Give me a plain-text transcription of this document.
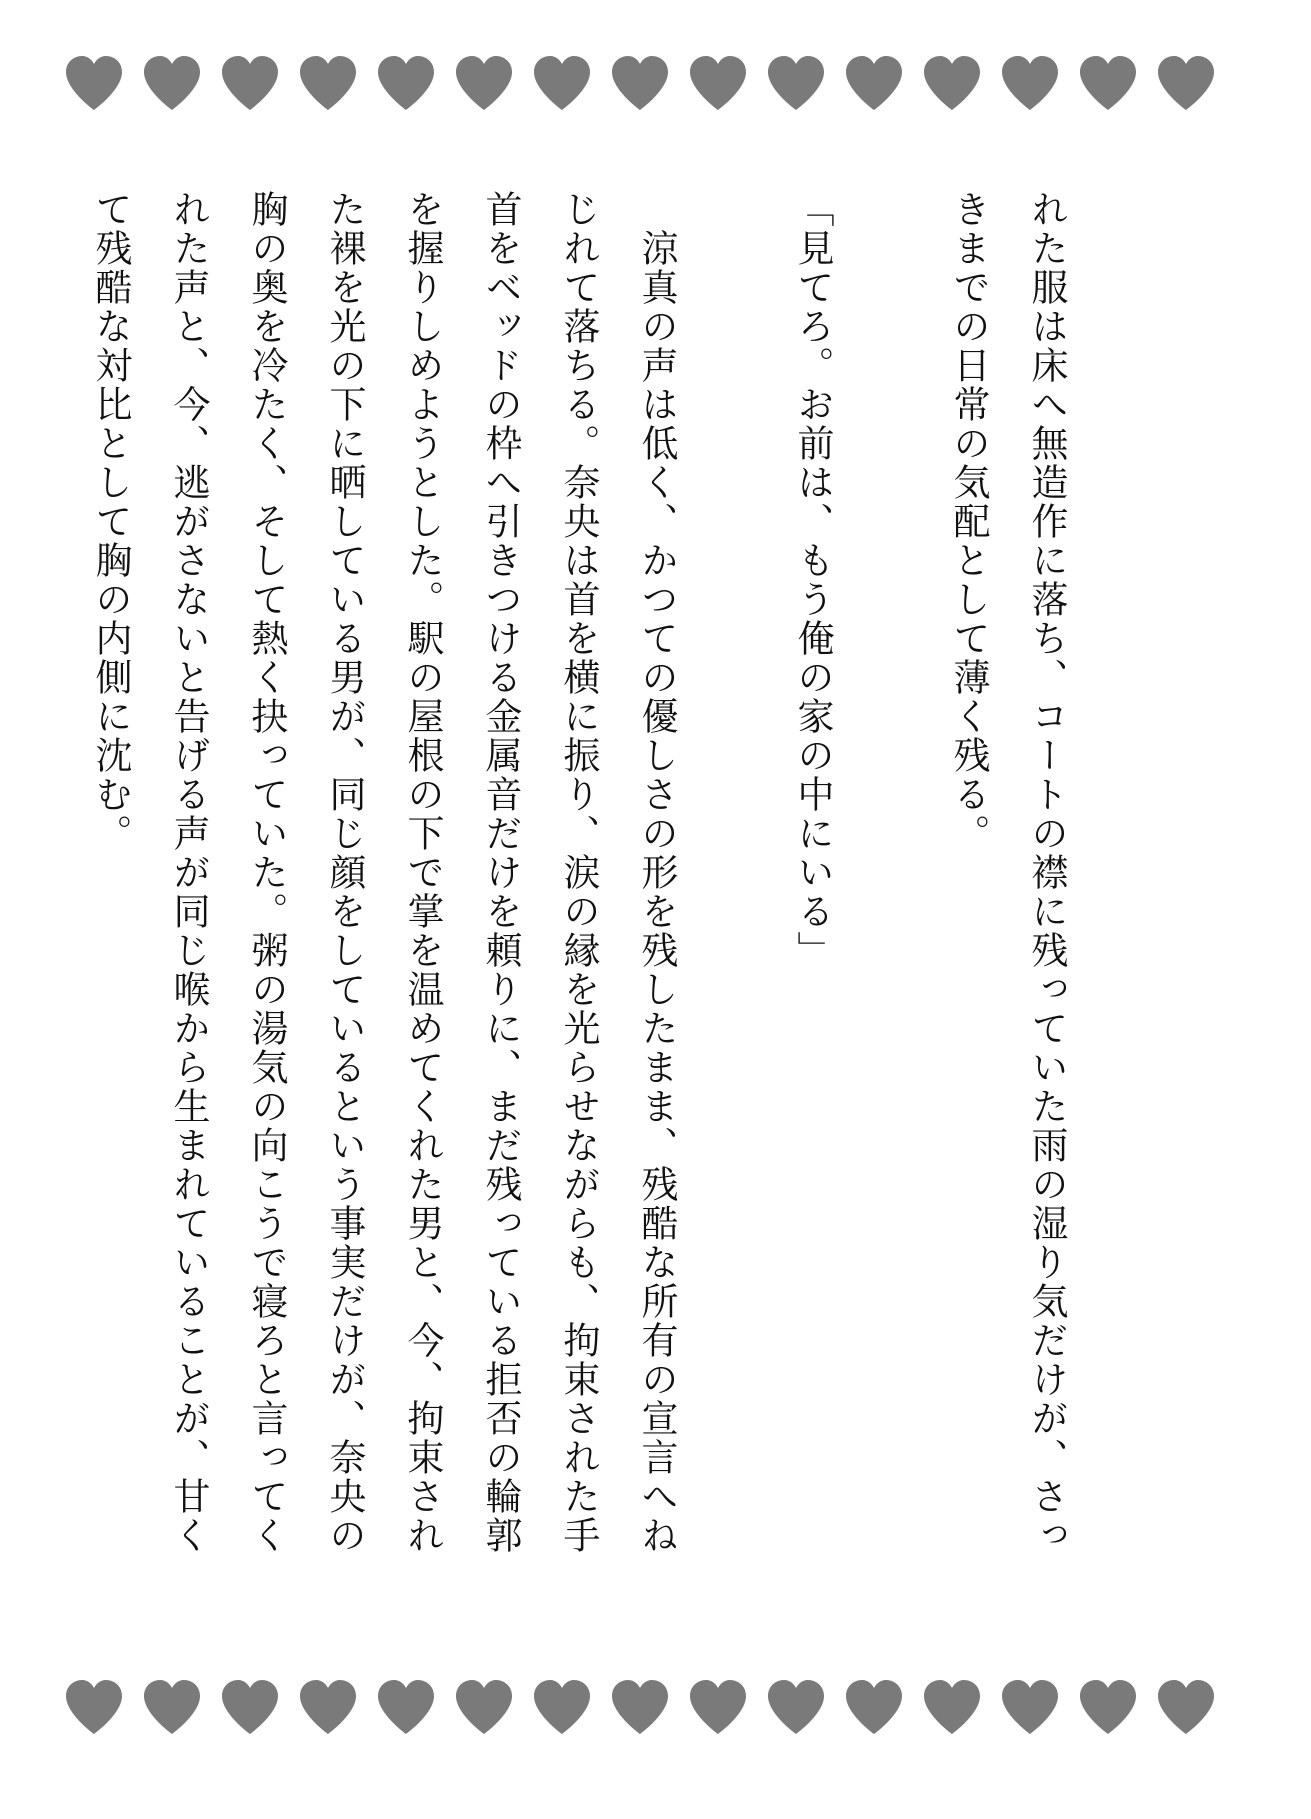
れた服は床へ無造作に落ち、コートの襟に残っていた雨の湿り気だけが、さっきまでの日常の気配として薄く残る。

「見てろ。お前は、もう俺の家の中にいる」

　涼真の声は低く、かつての優しさの形を残したまま、残酷な所有の宣言へねじれて落ちる。奈央は首を横に振り、涙の縁を光らせながらも、拘束された手首をベッドの枠へ引きつける金属音だけを頼りに、まだ残っている拒否の輪郭を握りしめようとした。駅の屋根の下で掌を温めてくれた男と、今、拘束された裸を光の下に晒している男が、同じ顔をしているという事実だけが、奈央の胸の奥を冷たく、そして熱く抉っていた。粥の湯気の向こうで寝ろと言ってくれた声と、今、逃がさないと告げる声が同じ喉から生まれていることが、甘くて残酷な対比として胸の内側に沈む。
